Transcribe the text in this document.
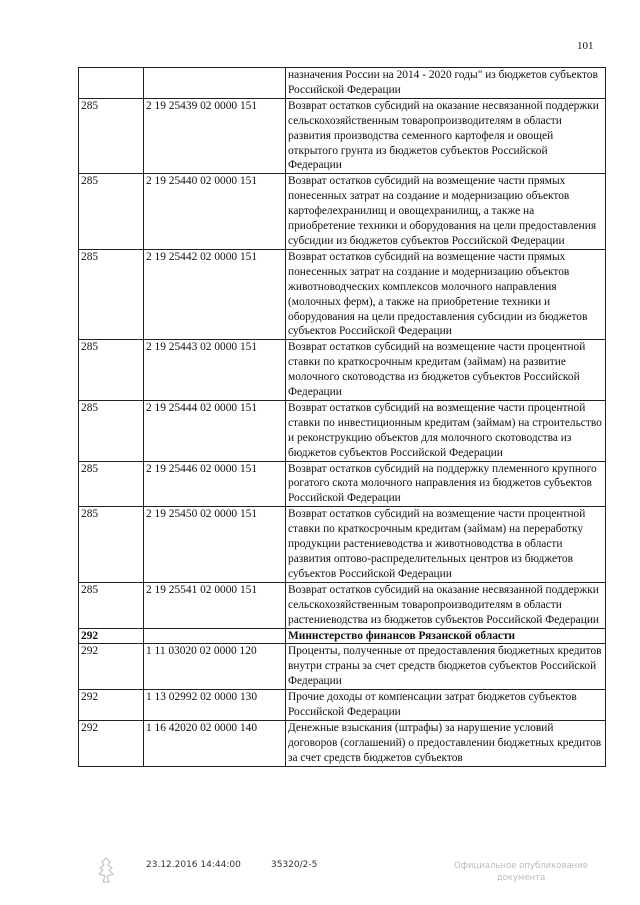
101
		назначения России на 2014 - 2020 годы" из бюджетов субъектов Российской Федерации
285	2 19 25439 02 0000 151	Возврат остатков субсидий на оказание несвязанной поддержки сельскохозяйственным товаропроизводителям в области развития производства семенного картофеля и овощей открытого грунта из бюджетов субъектов Российской Федерации
285	2 19 25440 02 0000 151	Возврат остатков субсидий на возмещение части прямых понесенных затрат на создание и модернизацию объектов картофелехранилищ и овощехранилищ, а также на приобретение техники и оборудования на цели предоставления субсидии из бюджетов субъектов Российской Федерации
285	2 19 25442 02 0000 151	Возврат остатков субсидий на возмещение части прямых понесенных затрат на создание и модернизацию объектов животноводческих комплексов молочного направления (молочных ферм), а также на приобретение техники и оборудования на цели предоставления субсидии из бюджетов субъектов Российской Федерации
285	2 19 25443 02 0000 151	Возврат остатков субсидий на возмещение части процентной ставки по краткосрочным кредитам (займам) на развитие молочного скотоводства из бюджетов субъектов Российской Федерации
285	2 19 25444 02 0000 151	Возврат остатков субсидий на возмещение части процентной ставки по инвестиционным кредитам (займам) на строительство и реконструкцию объектов для молочного скотоводства из бюджетов субъектов Российской Федерации
285	2 19 25446 02 0000 151	Возврат остатков субсидий на поддержку племенного крупного рогатого скота молочного направления из бюджетов субъектов Российской Федерации
285	2 19 25450 02 0000 151	Возврат остатков субсидий на возмещение части процентной ставки по краткосрочным кредитам (займам) на переработку продукции растениеводства и животноводства в области развития оптово-распределительных центров из бюджетов субъектов Российской Федерации
285	2 19 25541 02 0000 151	Возврат остатков субсидий на оказание несвязанной поддержки сельскохозяйственным товаропроизводителям в области растениеводства из бюджетов субъектов Российской Федерации
292		Министерство финансов Рязанской области
292	1 11 03020 02 0000 120	Проценты, полученные от предоставления бюджетных кредитов внутри страны за счет средств бюджетов субъектов Российской Федерации
292	1 13 02992 02 0000 130	Прочие доходы от компенсации затрат бюджетов субъектов Российской Федерации
292	1 16 42020 02 0000 140	Денежные взыскания (штрафы) за нарушение условий договоров (соглашений) о предоставлении бюджетных кредитов за счет средств бюджетов субъектов
23.12.2016 14:44:00	35320/2-5	Официальное опубликование
документа
